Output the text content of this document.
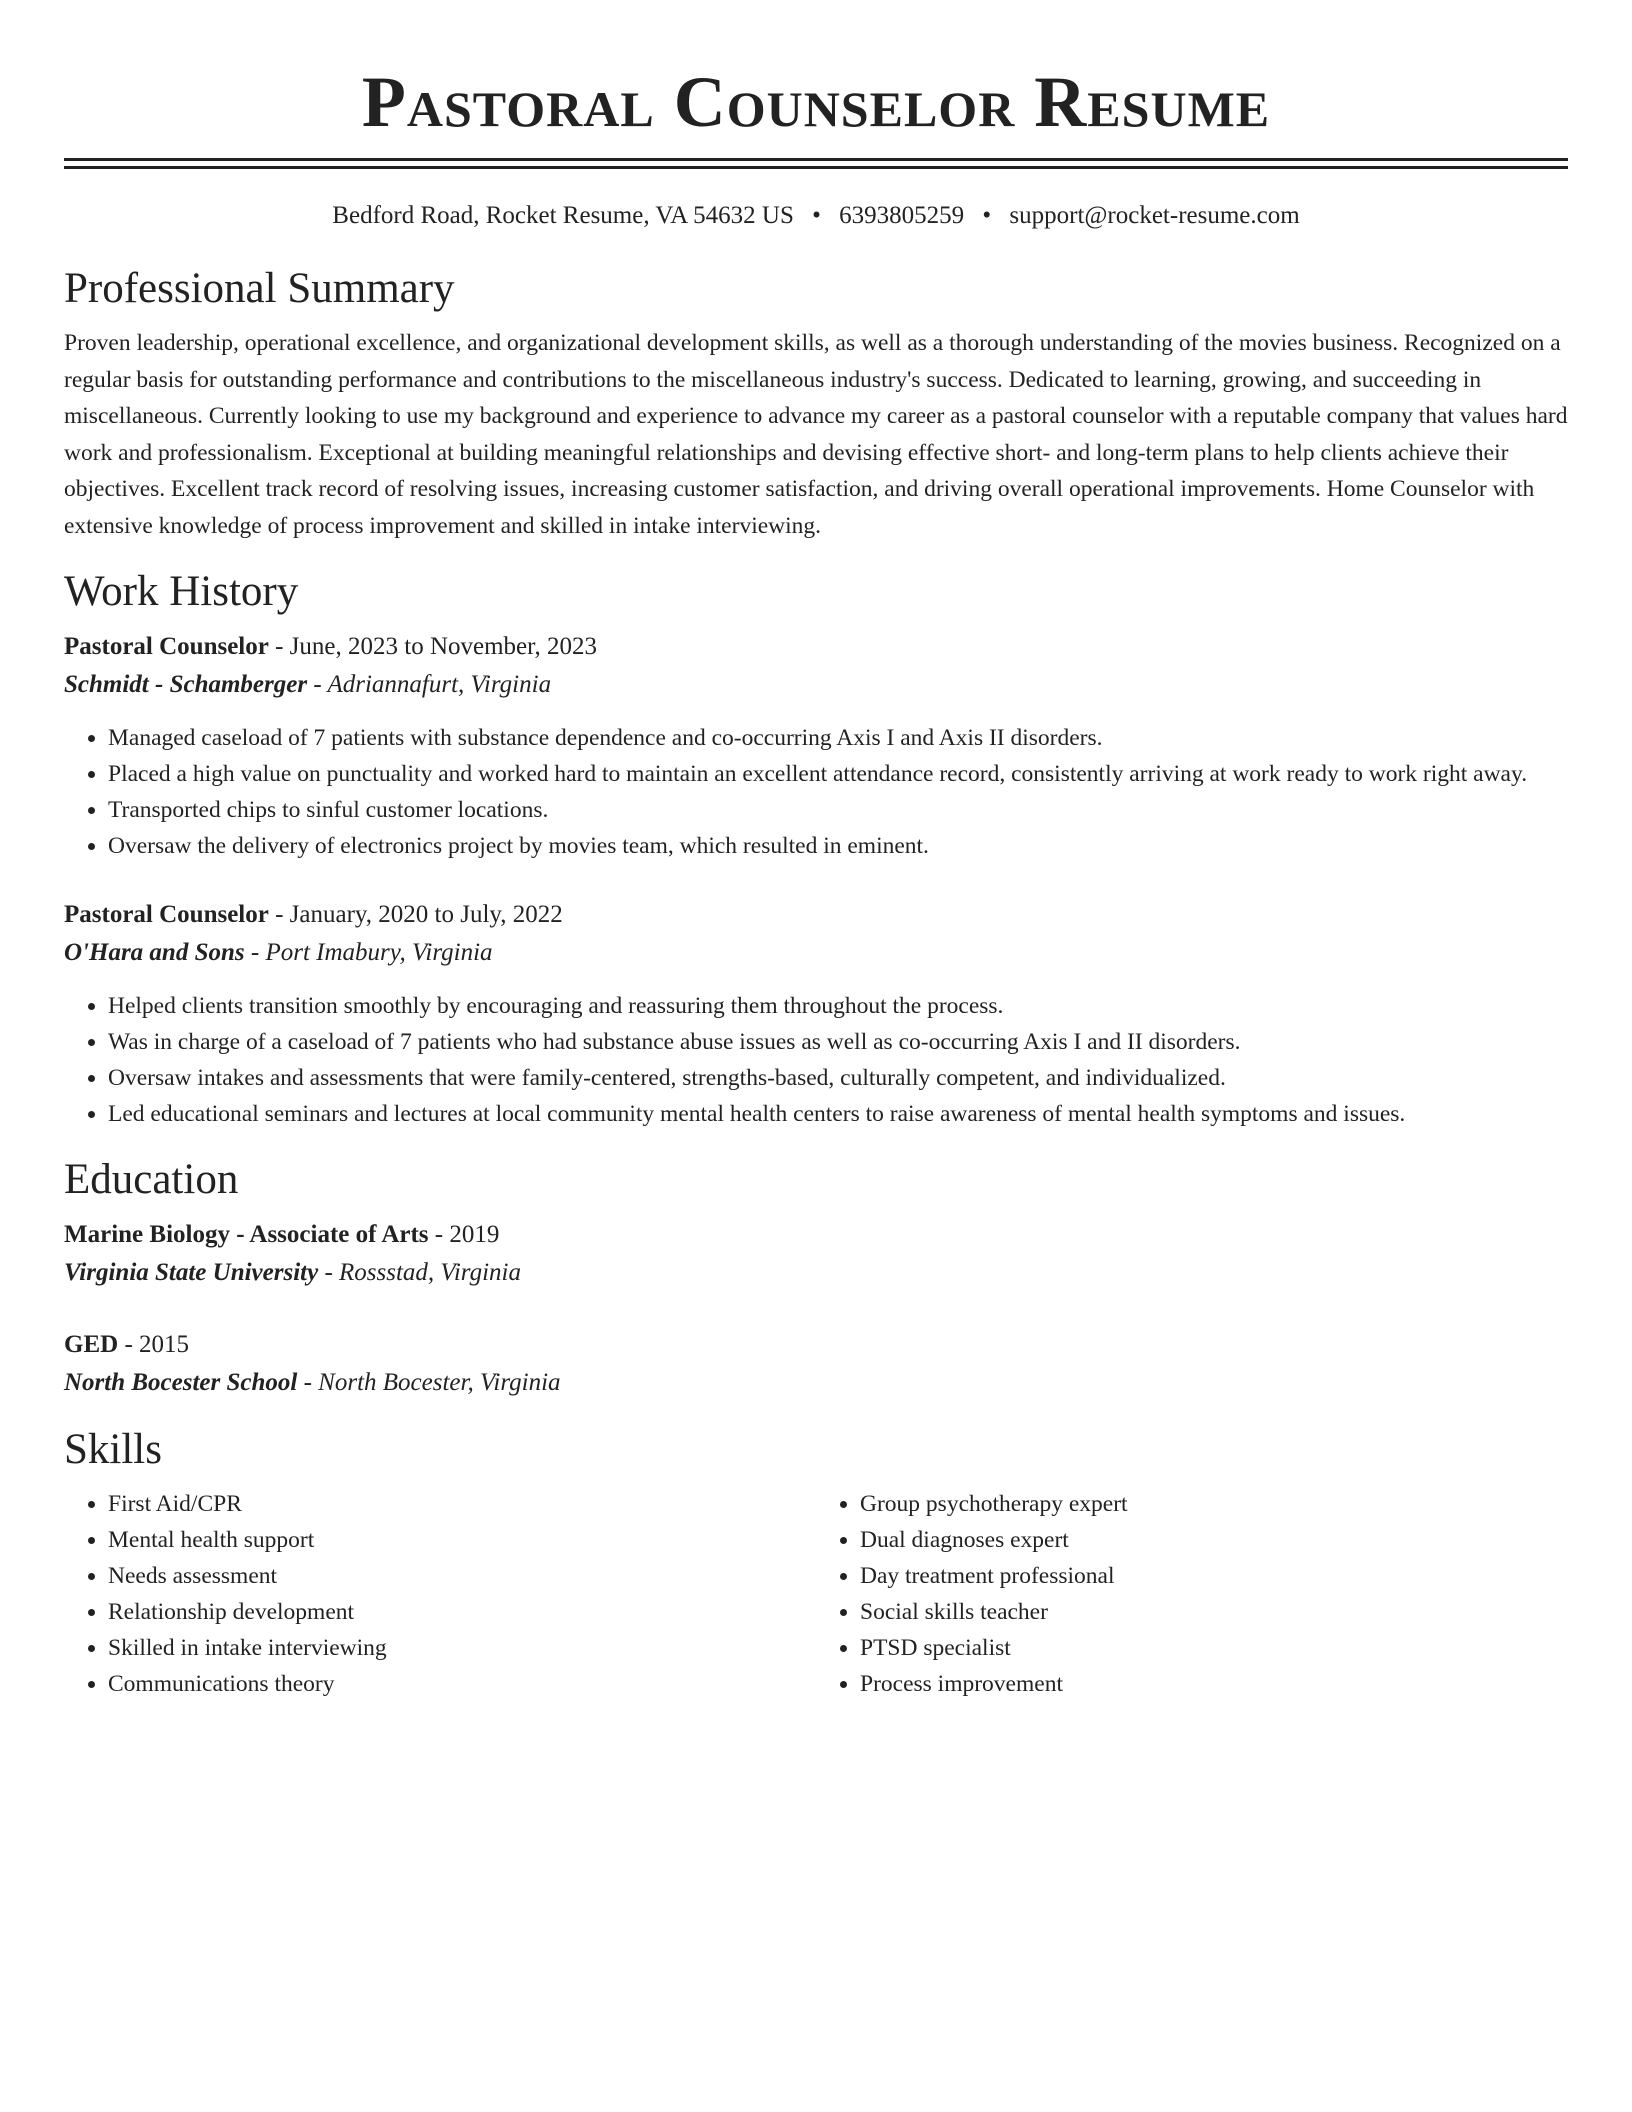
Pastoral Counselor Resume
Bedford Road, Rocket Resume, VA 54632 US • 6393805259 • support@rocket-resume.com
Professional Summary

Proven leadership, operational excellence, and organizational development skills, as well as a thorough understanding of the movies business. Recognized on a regular basis for outstanding performance and contributions to the miscellaneous industry's success. Dedicated to learning, growing, and succeeding in miscellaneous. Currently looking to use my background and experience to advance my career as a pastoral counselor with a reputable company that values hard work and professionalism. Exceptional at building meaningful relationships and devising effective short- and long-term plans to help clients achieve their objectives. Excellent track record of resolving issues, increasing customer satisfaction, and driving overall operational improvements. Home Counselor with extensive knowledge of process improvement and skilled in intake interviewing.

Work History

Pastoral Counselor - June, 2023 to November, 2023

Schmidt - Schamberger - Adriannafurt, Virginia

• Managed caseload of 7 patients with substance dependence and co-occurring Axis I and Axis II disorders.
• Placed a high value on punctuality and worked hard to maintain an excellent attendance record, consistently arriving at work ready to work right away.
• Transported chips to sinful customer locations.
• Oversaw the delivery of electronics project by movies team, which resulted in eminent.

Pastoral Counselor - January, 2020 to July, 2022

O'Hara and Sons - Port Imabury, Virginia

• Helped clients transition smoothly by encouraging and reassuring them throughout the process.
• Was in charge of a caseload of 7 patients who had substance abuse issues as well as co-occurring Axis I and II disorders.
• Oversaw intakes and assessments that were family-centered, strengths-based, culturally competent, and individualized.
• Led educational seminars and lectures at local community mental health centers to raise awareness of mental health symptoms and issues.
Education

Marine Biology - Associate of Arts - 2019

Virginia State University - Rossstad, Virginia

GED - 2015

North Bocester School - North Bocester, Virginia

Skills
• First Aid/CPR
• Mental health support
• Needs assessment
• Relationship development
• Skilled in intake interviewing
• Communications theory
• Group psychotherapy expert
• Dual diagnoses expert
• Day treatment professional
• Social skills teacher
• PTSD specialist
• Process improvement
